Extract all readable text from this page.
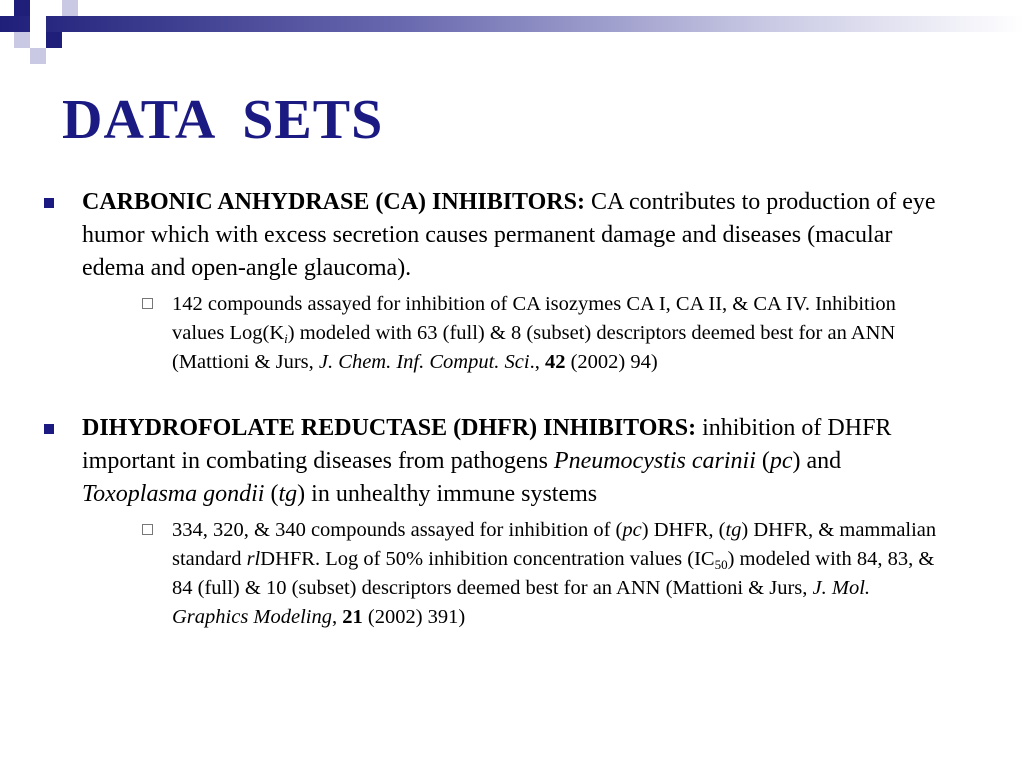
DATA SETS
CARBONIC ANHYDRASE (CA) INHIBITORS: CA contributes to production of eye humor which with excess secretion causes permanent damage and diseases (macular edema and open-angle glaucoma).
142 compounds assayed for inhibition of CA isozymes CA I, CA II, & CA IV. Inhibition values $Log(K_i)$ modeled with 63 (full) & 8 (subset) descriptors deemed best for an ANN (Mattioni & Jurs, J. Chem. Inf. Comput. Sci., 42 (2002) 94)
DIHYDROFOLATE REDUCTASE (DHFR) INHIBITORS: inhibition of DHFR important in combating diseases from pathogens Pneumocystis carinii (pc) and Toxoplasma gondii (tg) in unhealthy immune systems
334, 320, & 340 compounds assayed for inhibition of (pc) DHFR, (tg) DHFR, & mammalian standard rlDHFR. Log of 50% inhibition concentration values $(IC_{50})$ modeled with 84, 83, & 84 (full) & 10 (subset) descriptors deemed best for an ANN (Mattioni & Jurs, J. Mol. Graphics Modeling, 21 (2002) 391)
